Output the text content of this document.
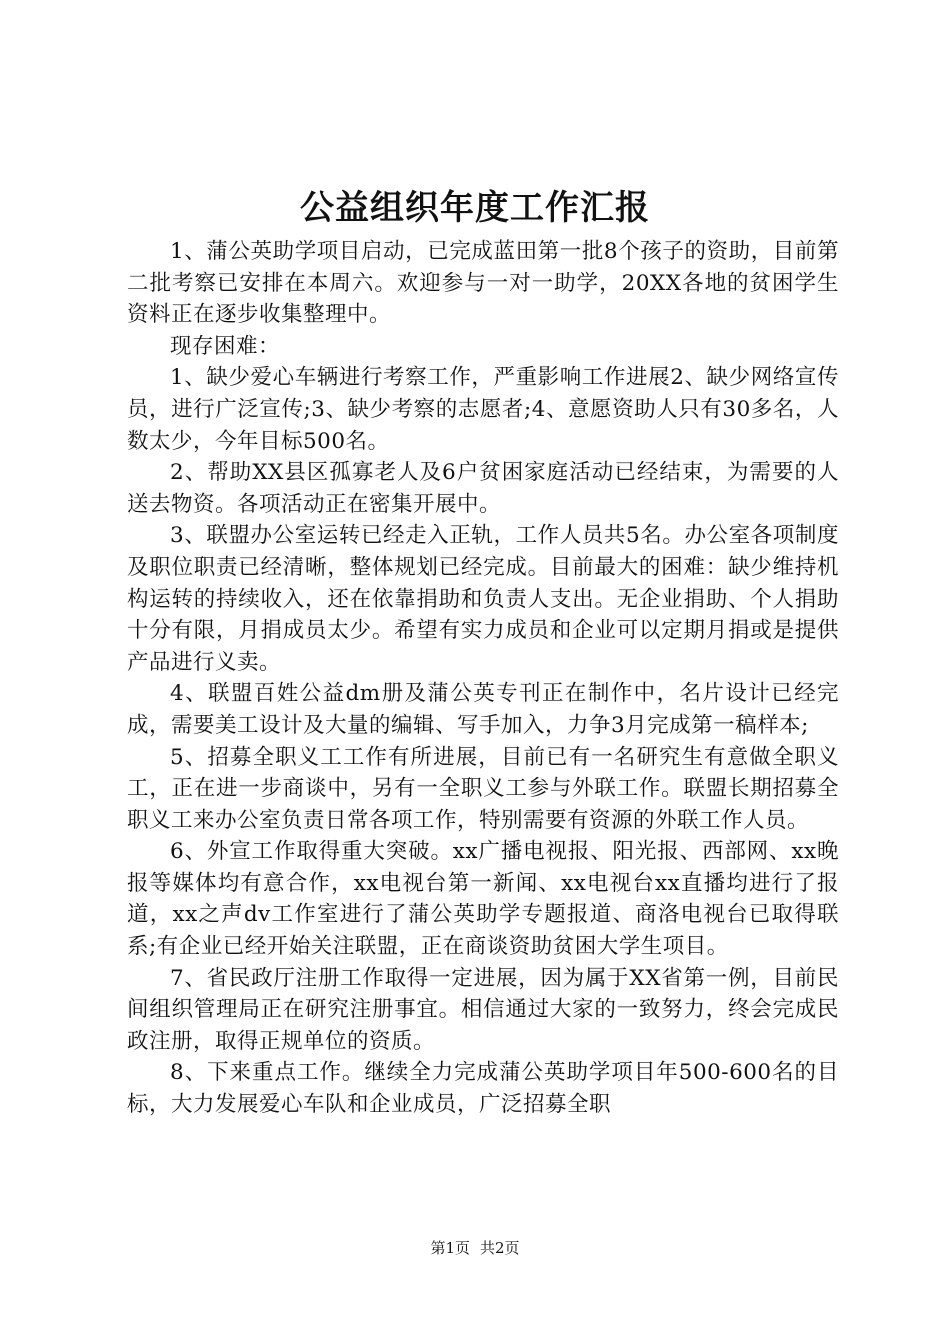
公益组织年度工作汇报

1、蒲公英助学项目启动，已完成蓝田第一批8个孩子的资助，目前第二批考察已安排在本周六。欢迎参与一对一助学，20XX各地的贫困学生资料正在逐步收集整理中。

现存困难：

1、缺少爱心车辆进行考察工作，严重影响工作进展2、缺少网络宣传员，进行广泛宣传;3、缺少考察的志愿者;4、意愿资助人只有30多名，人数太少，今年目标500名。

2、帮助XX县区孤寡老人及6户贫困家庭活动已经结束，为需要的人送去物资。各项活动正在密集开展中。

3、联盟办公室运转已经走入正轨，工作人员共5名。办公室各项制度及职位职责已经清晰，整体规划已经完成。目前最大的困难：缺少维持机构运转的持续收入，还在依靠捐助和负责人支出。无企业捐助、个人捐助十分有限，月捐成员太少。希望有实力成员和企业可以定期月捐或是提供产品进行义卖。

4、联盟百姓公益dm册及蒲公英专刊正在制作中，名片设计已经完成，需要美工设计及大量的编辑、写手加入，力争3月完成第一稿样本;

5、招募全职义工工作有所进展，目前已有一名研究生有意做全职义工，正在进一步商谈中，另有一全职义工参与外联工作。联盟长期招募全职义工来办公室负责日常各项工作，特别需要有资源的外联工作人员。

6、外宣工作取得重大突破。xx广播电视报、阳光报、西部网、xx晚报等媒体均有意合作，xx电视台第一新闻、xx电视台xx直播均进行了报道，xx之声dv工作室进行了蒲公英助学专题报道、商洛电视台已取得联系;有企业已经开始关注联盟，正在商谈资助贫困大学生项目。

7、省民政厅注册工作取得一定进展，因为属于XX省第一例，目前民间组织管理局正在研究注册事宜。相信通过大家的一致努力，终会完成民政注册，取得正规单位的资质。

8、下来重点工作。继续全力完成蒲公英助学项目年500-600名的目标，大力发展爱心车队和企业成员，广泛招募全职

第1页 共2页
